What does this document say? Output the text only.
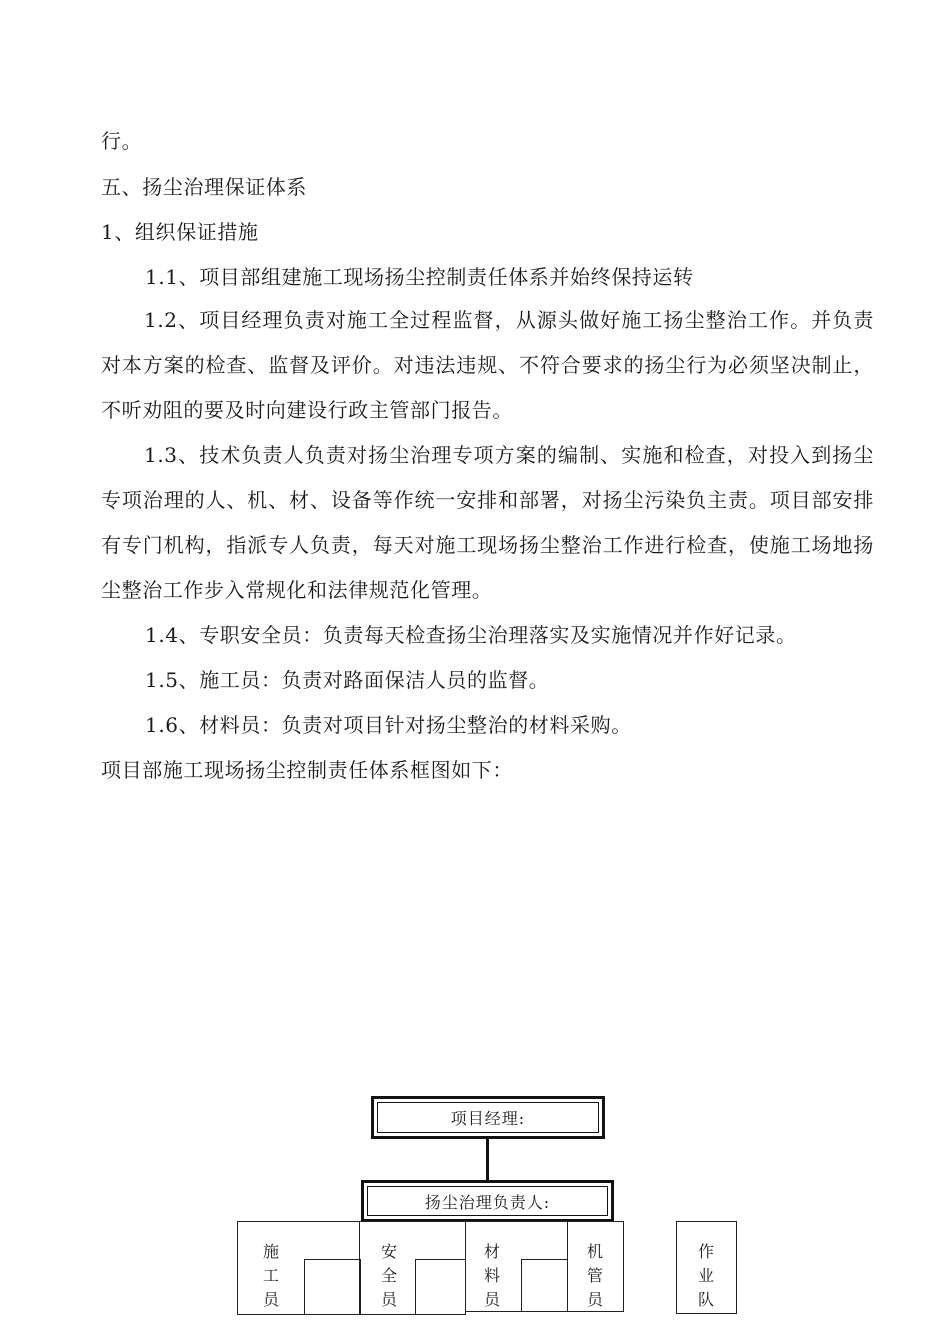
行。
五、扬尘治理保证体系
1、组织保证措施
1.1、项目部组建施工现场扬尘控制责任体系并始终保持运转

1.2、项目经理负责对施工全过程监督，从源头做好施工扬尘整治工作。并负责对本方案的检查、监督及评价。对违法违规、不符合要求的扬尘行为必须坚决制止，不听劝阻的要及时向建设行政主管部门报告。

1.3、技术负责人负责对扬尘治理专项方案的编制、实施和检查，对投入到扬尘专项治理的人、机、材、设备等作统一安排和部署，对扬尘污染负主责。项目部安排有专门机构，指派专人负责，每天对施工现场扬尘整治工作进行检查，使施工场地扬尘整治工作步入常规化和法律规范化管理。

1.4、专职安全员：负责每天检查扬尘治理落实及实施情况并作好记录。
1.5、施工员：负责对路面保洁人员的监督。
1.6、材料员：负责对项目针对扬尘整治的材料采购。
项目部施工现场扬尘控制责任体系框图如下：
项目经理:
扬尘治理负责人:
施工员
安全员
材料员
机管员
作业队
